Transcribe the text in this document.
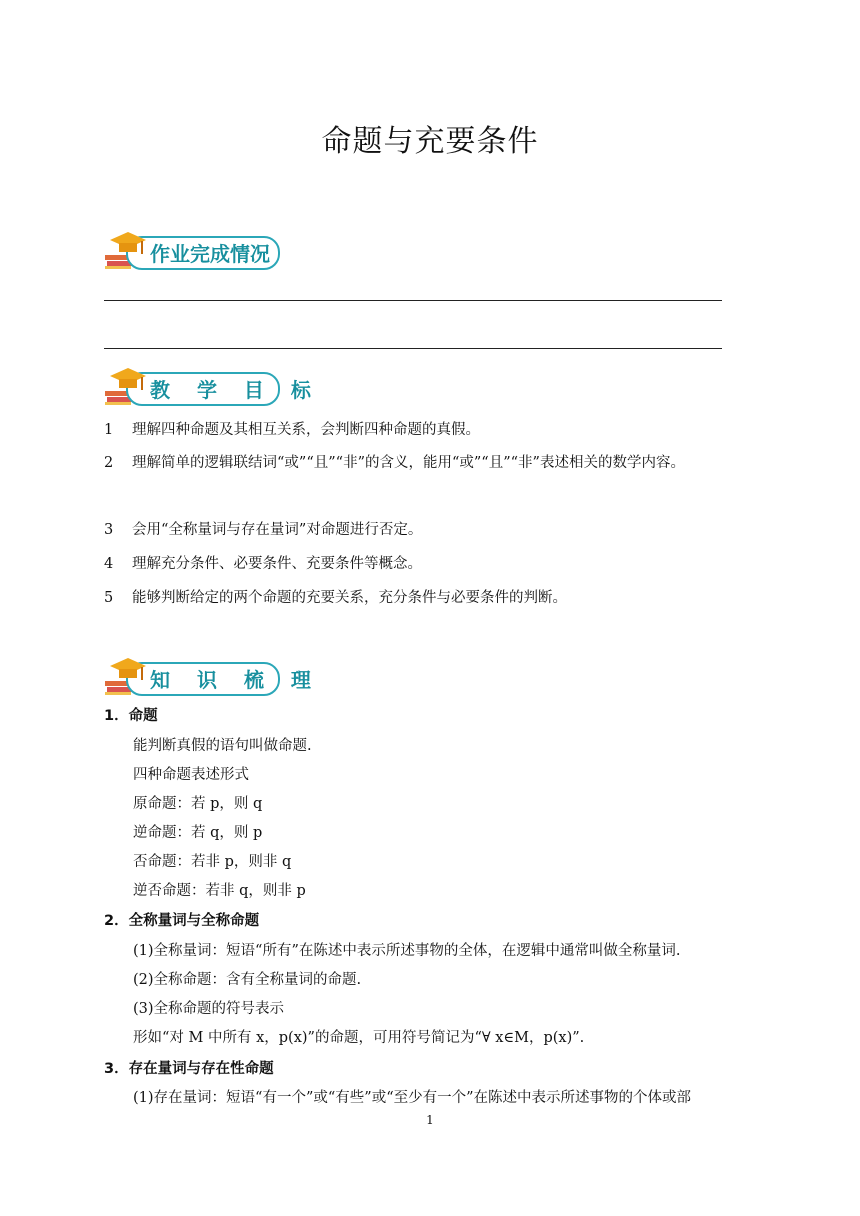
命题与充要条件
作业完成情况
教 学 目 标
1 理解四种命题及其相互关系，会判断四种命题的真假。
2 理解简单的逻辑联结词“或”“且”“非”的含义，能用“或”“且”“非”表述相关的数学内容。
3 会用“全称量词与存在量词”对命题进行否定。
4 理解充分条件、必要条件、充要条件等概念。
5 能够判断给定的两个命题的充要关系，充分条件与必要条件的判断。
知 识 梳 理
1．命题
能判断真假的语句叫做命题.
四种命题表述形式
原命题：若 p，则 q
逆命题：若 q，则 p
否命题：若非 p，则非 q
逆否命题：若非 q，则非 p
2．全称量词与全称命题
(1)全称量词：短语“所有”在陈述中表示所述事物的全体，在逻辑中通常叫做全称量词.
(2)全称命题：含有全称量词的命题.
(3)全称命题的符号表示
形如“对 M 中所有 x，p(x)”的命题，可用符号简记为“∀ x∈M，p(x)”.
3．存在量词与存在性命题
(1)存在量词：短语“有一个”或“有些”或“至少有一个”在陈述中表示所述事物的个体或部
1
